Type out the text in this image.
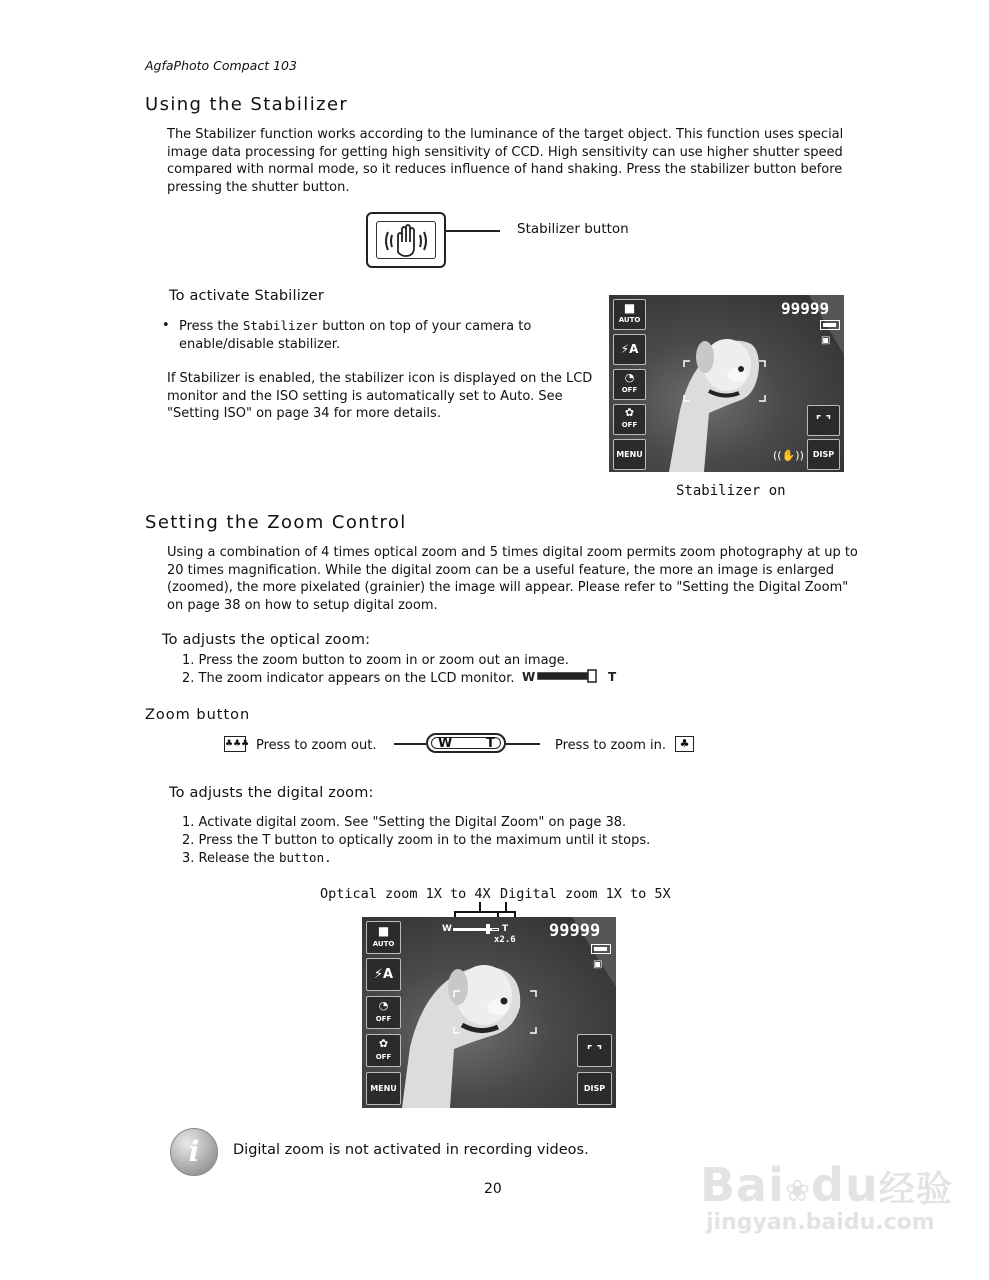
AgfaPhoto Compact 103
Using the Stabilizer
The Stabilizer function works according to the luminance of the target object. This function uses special
image data processing for getting high sensitivity of CCD. High sensitivity can use higher shutter speed
compared with normal mode, so it reduces influence of hand shaking. Press the stabilizer button before
pressing the shutter button.
Stabilizer button
To activate Stabilizer
• Press the Stabilizer button on top of your camera to
enable/disable stabilizer.
If Stabilizer is enabled, the stabilizer icon is displayed on the LCD
monitor and the ISO setting is automatically set to Auto. See
"Setting ISO" on page 34 for more details.
■
AUTO
⚡A
◔
OFF
✿
OFF
MENU
99999
▣
⌜ ⌝
DISP
((✋))
Stabilizer on
Setting the Zoom Control
Using a combination of 4 times optical zoom and 5 times digital zoom permits zoom photography at up to
20 times magnification. While the digital zoom can be a useful feature, the more an image is enlarged
(zoomed), the more pixelated (grainier) the image will appear. Please refer to "Setting the Digital Zoom"
on page 38 on how to setup digital zoom.
To adjusts the optical zoom:
1. Press the zoom button to zoom in or zoom out an image.
2. The zoom indicator appears on the LCD monitor. W	T
Zoom button
♣♣♣ Press to zoom out.	W	T	Press to zoom in.	♣
To adjusts the digital zoom:
1. Activate digital zoom. See "Setting the Digital Zoom" on page 38.
2. Press the T button to optically zoom in to the maximum until it stops.
3. Release the button.
Optical zoom 1X to 4X Digital zoom 1X to 5X
W	T
x2.6
■
AUTO
⚡A
◔
OFF
✿
OFF
MENU
99999
▣
⌜ ⌝
DISP
i	Digital zoom is not activated in recording videos.
20	Bai❀du经验
jingyan.baidu.com
